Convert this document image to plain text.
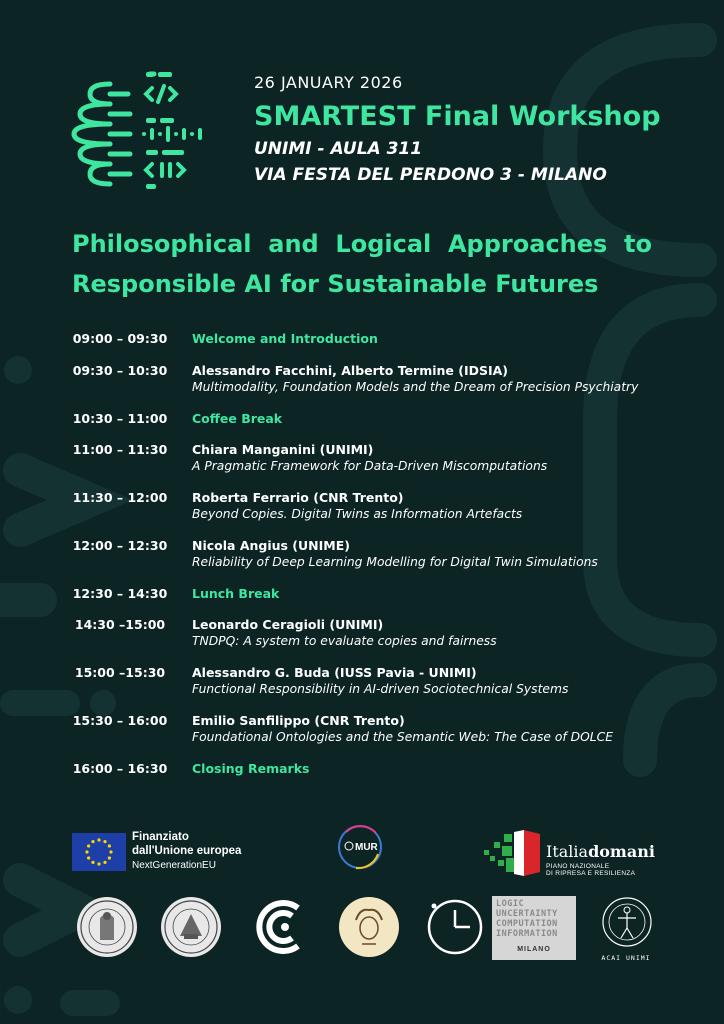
26 JANUARY 2026
SMARTEST Final Workshop
UNIMI - AULA 311
VIA FESTA DEL PERDONO 3 - MILANO
Philosophical and Logical Approaches to Responsible AI for Sustainable Futures
09:00 – 09:30	Welcome and Introduction
09:30 – 10:30	Alessandro Facchini, Alberto Termine (IDSIA)
Multimodality, Foundation Models and the Dream of Precision Psychiatry
10:30 – 11:00	Coffee Break
11:00 – 11:30	Chiara Manganini (UNIMI)
A Pragmatic Framework for Data-Driven Miscomputations
11:30 – 12:00	Roberta Ferrario (CNR Trento)
Beyond Copies. Digital Twins as Information Artefacts
12:00 – 12:30	Nicola Angius (UNIME)
Reliability of Deep Learning Modelling for Digital Twin Simulations
12:30 – 14:30	Lunch Break
14:30 –15:00	Leonardo Ceragioli (UNIMI)
TNDPQ: A system to evaluate copies and fairness
15:00 –15:30	Alessandro G. Buda (IUSS Pavia - UNIMI)
Functional Responsibility in AI-driven Sociotechnical Systems
15:30 – 16:00	Emilio Sanfilippo (CNR Trento)
Foundational Ontologies and the Semantic Web: The Case of DOLCE
16:00 – 16:30	Closing Remarks
Finanziato
dall'Unione europea
NextGenerationEU
MUR	Italiadomani
PIANO NAZIONALE
DI RIPRESA E RESILIENZA
LOGIC
UNCERTAINTY
COMPUTATION
INFORMATION
MILANO
ACAI UNIMI
